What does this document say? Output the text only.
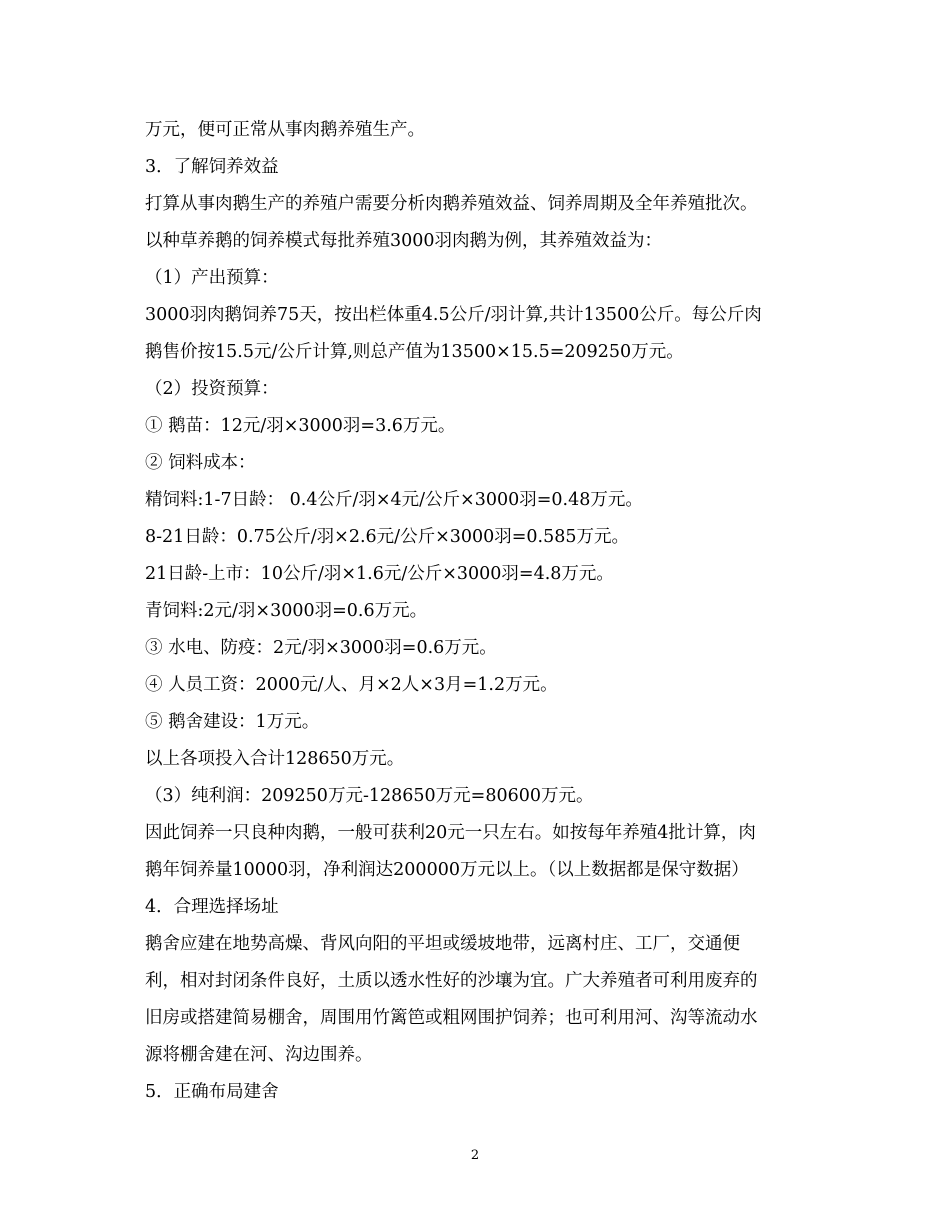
万元，便可正常从事肉鹅养殖生产。
3．了解饲养效益
打算从事肉鹅生产的养殖户需要分析肉鹅养殖效益、饲养周期及全年养殖批次。
以种草养鹅的饲养模式每批养殖3000羽肉鹅为例，其养殖效益为：
（1）产出预算：
3000羽肉鹅饲养75天，按出栏体重4.5公斤/羽计算,共计13500公斤。每公斤肉
鹅售价按15.5元/公斤计算,则总产值为13500×15.5=209250万元。
（2）投资预算：
① 鹅苗：12元/羽×3000羽=3.6万元。
② 饲料成本：
精饲料:1-7日龄： 0.4公斤/羽×4元/公斤×3000羽=0.48万元。
8-21日龄：0.75公斤/羽×2.6元/公斤×3000羽=0.585万元。
21日龄-上市：10公斤/羽×1.6元/公斤×3000羽=4.8万元。
青饲料:2元/羽×3000羽=0.6万元。
③ 水电、防疫：2元/羽×3000羽=0.6万元。
④ 人员工资：2000元/人、月×2人×3月=1.2万元。
⑤ 鹅舍建设：1万元。
以上各项投入合计128650万元。
（3）纯利润：209250万元-128650万元=80600万元。
因此饲养一只良种肉鹅，一般可获利20元一只左右。如按每年养殖4批计算，肉
鹅年饲养量10000羽，净利润达200000万元以上。（以上数据都是保守数据）
4．合理选择场址
鹅舍应建在地势高燥、背风向阳的平坦或缓坡地带，远离村庄、工厂，交通便
利，相对封闭条件良好，土质以透水性好的沙壤为宜。广大养殖者可利用废弃的
旧房或搭建简易棚舍，周围用竹篱笆或粗网围护饲养；也可利用河、沟等流动水
源将棚舍建在河、沟边围养。
5．正确布局建舍
2
